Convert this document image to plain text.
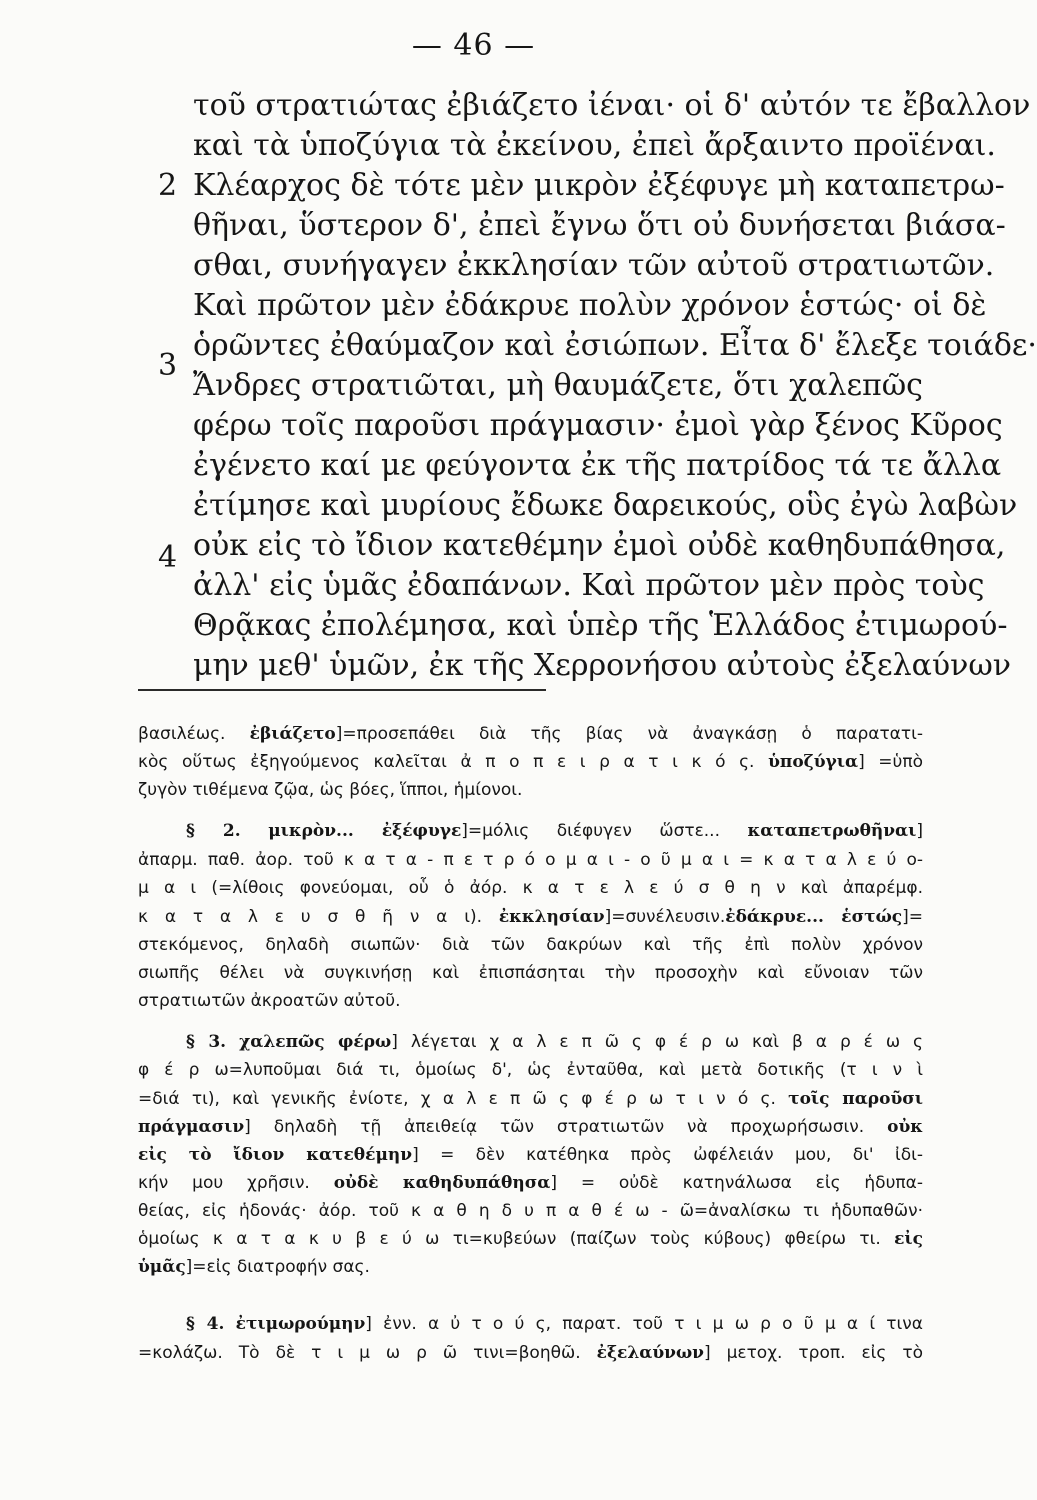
— 46 —
τοῦ στρατιώτας ἐβιάζετο ἰέναι· οἱ δ' αὐτόν τε ἔβαλλον
καὶ τὰ ὑποζύγια τὰ ἐκείνου, ἐπεὶ ἄρξαιντο προϊέναι.
2 Κλέαρχος δὲ τότε μὲν μικρὸν ἐξέφυγε μὴ καταπετρω-
θῆναι, ὕστερον δ', ἐπεὶ ἔγνω ὅτι οὐ δυνήσεται βιάσα-
σθαι, συνήγαγεν ἐκκλησίαν τῶν αὐτοῦ στρατιωτῶν.
Καὶ πρῶτον μὲν ἐδάκρυε πολὺν χρόνον ἑστώς· οἱ δὲ
ὁρῶντες ἐθαύμαζον καὶ ἐσιώπων. Εἶτα δ' ἔλεξε τοιάδε·
3
Ἄνδρες στρατιῶται, μὴ θαυμάζετε, ὅτι χαλεπῶς
φέρω τοῖς παροῦσι πράγμασιν· ἐμοὶ γὰρ ξένος Κῦρος
ἐγένετο καί με φεύγοντα ἐκ τῆς πατρίδος τά τε ἄλλα
ἐτίμησε καὶ μυρίους ἔδωκε δαρεικούς, οὓς ἐγὼ λαβὼν
οὐκ εἰς τὸ ἴδιον κατεθέμην ἐμοὶ οὐδὲ καθηδυπάθησα,
4
ἀλλ' εἰς ὑμᾶς ἐδαπάνων. Καὶ πρῶτον μὲν πρὸς τοὺς
Θρᾷκας ἐπολέμησα, καὶ ὑπὲρ τῆς Ἑλλάδος ἐτιμωρού-
μην μεθ' ὑμῶν, ἐκ τῆς Χερρονήσου αὐτοὺς ἐξελαύνων
βασιλέως. ἐβιάζετο]=προσεπάθει διὰ τῆς βίας νὰ ἀναγκάσῃ ὁ παρατατι-
κὸς οὕτως ἐξηγούμενος καλεῖται ἀ π ο π ε ι ρ α τ ι κ ό ς. ὑποζύγια] =ὑπὸ
ζυγὸν τιθέμενα ζῷα, ὡς βόες, ἵπποι, ἡμίονοι.
§ 2. μικρὸν... ἐξέφυγε]=μόλις διέφυγεν ὥστε... καταπετρωθῆναι]
ἀπαρμ. παθ. ἀορ. τοῦ κ α τ α - π ε τ ρ ό ο μ α ι - ο ῦ μ α ι = κ α τ α λ ε ύ ο-
μ α ι (=λίθοις φονεύομαι, οὗ ὁ ἀόρ. κ α τ ε λ ε ύ σ θ η ν καὶ ἀπαρέμφ.
κ α τ α λ ε υ σ θ ῆ ν α ι). ἐκκλησίαν]=συνέλευσιν.ἐδάκρυε... ἑστώς]=
στεκόμενος, δηλαδὴ σιωπῶν· διὰ τῶν δακρύων καὶ τῆς ἐπὶ πολὺν χρόνον
σιωπῆς θέλει νὰ συγκινήσῃ καὶ ἐπισπάσηται τὴν προσοχὴν καὶ εὔνοιαν τῶν
στρατιωτῶν ἀκροατῶν αὐτοῦ.
§ 3. χαλεπῶς φέρω] λέγεται χ α λ ε π ῶ ς φ έ ρ ω καὶ β α ρ έ ω ς
φ έ ρ ω=λυποῦμαι διά τι, ὁμοίως δ', ὡς ἐνταῦθα, καὶ μετὰ δοτικῆς (τ ι ν ὶ
=διά τι), καὶ γενικῆς ἐνίοτε, χ α λ ε π ῶ ς φ έ ρ ω τ ι ν ό ς. τοῖς παροῦσι
πράγμασιν] δηλαδὴ τῇ ἀπειθείᾳ τῶν στρατιωτῶν νὰ προχωρήσωσιν. οὐκ
εἰς τὸ ἴδιον κατεθέμην] = δὲν κατέθηκα πρὸς ὠφέλειάν μου, δι' ἰδι-
κήν μου χρῆσιν. οὐδὲ καθηδυπάθησα] = οὐδὲ κατηνάλωσα εἰς ἡδυπα-
θείας, εἰς ἡδονάς· ἀόρ. τοῦ κ α θ η δ υ π α θ έ ω - ῶ=ἀναλίσκω τι ἡδυπαθῶν·
ὁμοίως κ α τ α κ υ β ε ύ ω τι=κυβεύων (παίζων τοὺς κύβους) φθείρω τι. εἰς
ὑμᾶς]=εἰς διατροφήν σας.
§ 4. ἐτιμωρούμην] ἐνν. α ὐ τ ο ύ ς, παρατ. τοῦ τ ι μ ω ρ ο ῦ μ α ί τινα
=κολάζω. Τὸ δὲ τ ι μ ω ρ ῶ τινι=βοηθῶ. ἐξελαύνων] μετοχ. τροπ. εἰς τὸ
